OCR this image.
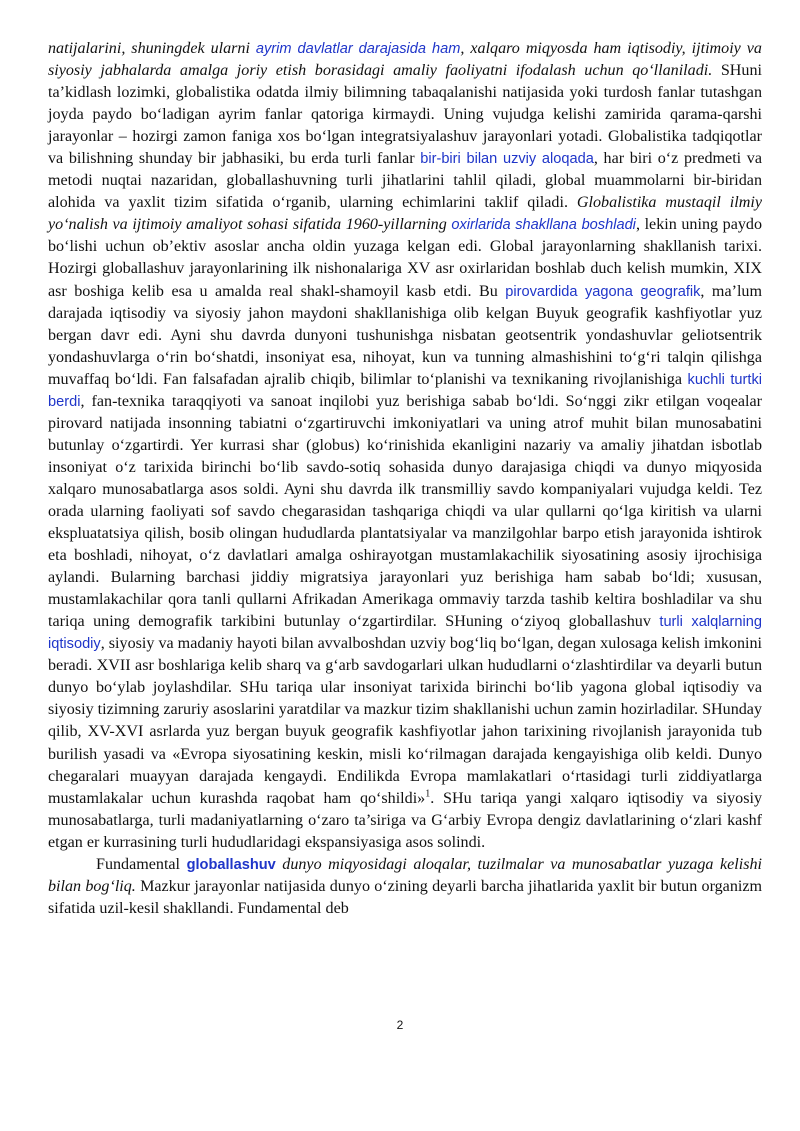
natijalarini, shuningdek ularni ayrim davlatlar darajasida ham, xalqaro miqyosda ham iqtisodiy, ijtimoiy va siyosiy jabhalarda amalga joriy etish borasidagi amaliy faoliyatni ifodalash uchun qo‘llaniladi. SHuni ta’kidlash lozimki, globalistika odatda ilmiy bilimning tabaqalanishi natijasida yoki turdosh fanlar tutashgan joyda paydo bo‘ladigan ayrim fanlar qatoriga kirmaydi. Uning vujudga kelishi zamirida qarama-qarshi jarayonlar – hozirgi zamon faniga xos bo‘lgan integratsiyalashuv jarayonlari yotadi. Globalistika tadqiqotlar va bilishning shunday bir jabhasiki, bu erda turli fanlar bir-biri bilan uzviy aloqada, har biri o‘z predmeti va metodi nuqtai nazaridan, globallashuvning turli jihatlarini tahlil qiladi, global muammolarni bir-biridan alohida va yaxlit tizim sifatida o‘rganib, ularning echimlarini taklif qiladi. Globalistika mustaqil ilmiy yo‘nalish va ijtimoiy amaliyot sohasi sifatida 1960-yillarning oxirlarida shakllana boshladi, lekin uning paydo bo‘lishi uchun ob’ektiv asoslar ancha oldin yuzaga kelgan edi. Global jarayonlarning shakllanish tarixi. Hozirgi globallashuv jarayonlarining ilk nishonalariga XV asr oxirlaridan boshlab duch kelish mumkin, XIX asr boshiga kelib esa u amalda real shakl-shamoyil kasb etdi. Bu pirovardida yagona geografik, ma’lum darajada iqtisodiy va siyosiy jahon maydoni shakllanishiga olib kelgan Buyuk geografik kashfiyotlar yuz bergan davr edi. Ayni shu davrda dunyoni tushunishga nisbatan geotsentrik yondashuvlar geliotsentrik yondashuvlarga o‘rin bo‘shatdi, insoniyat esa, nihoyat, kun va tunning almashishini to‘g‘ri talqin qilishga muvaffaq bo‘ldi. Fan falsafadan ajralib chiqib, bilimlar to‘planishi va texnikaning rivojlanishiga kuchli turtki berdi, fan-texnika taraqqiyoti va sanoat inqilobi yuz berishiga sabab bo‘ldi. So‘nggi zikr etilgan voqealar pirovard natijada insonning tabiatni o‘zgartiruvchi imkoniyatlari va uning atrof muhit bilan munosabatini butunlay o‘zgartirdi. Yer kurrasi shar (globus) ko‘rinishida ekanligini nazariy va amaliy jihatdan isbotlab insoniyat o‘z tarixida birinchi bo‘lib savdo-sotiq sohasida dunyo darajasiga chiqdi va dunyo miqyosida xalqaro munosabatlarga asos soldi. Ayni shu davrda ilk transmilliy savdo kompaniyalari vujudga keldi. Tez orada ularning faoliyati sof savdo chegarasidan tashqariga chiqdi va ular qullarni qo‘lga kiritish va ularni ekspluatatsiya qilish, bosib olingan hududlarda plantatsiyalar va manzilgohlar barpo etish jarayonida ishtirok eta boshladi, nihoyat, o‘z davlatlari amalga oshirayotgan mustamlakachilik siyosatining asosiy ijrochisiga aylandi. Bularning barchasi jiddiy migratsiya jarayonlari yuz berishiga ham sabab bo‘ldi; xususan, mustamlakachilar qora tanli qullarni Afrikadan Amerikaga ommaviy tarzda tashib keltira boshladilar va shu tariqa uning demografik tarkibini butunlay o‘zgartirdilar. SHuning o‘ziyoq globallashuv turli xalqlarning iqtisodiy, siyosiy va madaniy hayoti bilan avvalboshdan uzviy bog‘liq bo‘lgan, degan xulosaga kelish imkonini beradi. XVII asr boshlariga kelib sharq va g‘arb savdogarlari ulkan hududlarni o‘zlashtirdilar va deyarli butun dunyo bo‘ylab joylashdilar. SHu tariqa ular insoniyat tarixida birinchi bo‘lib yagona global iqtisodiy va siyosiy tizimning zaruriy asoslarini yaratdilar va mazkur tizim shakllanishi uchun zamin hozirladilar. SHunday qilib, XV-XVI asrlarda yuz bergan buyuk geografik kashfiyotlar jahon tarixining rivojlanish jarayonida tub burilish yasadi va «Evropa siyosatining keskin, misli ko‘rilmagan darajada kengayishiga olib keldi. Dunyo chegaralari muayyan darajada kengaydi. Endilikda Evropa mamlakatlari o‘rtasidagi turli ziddiyatlarga mustamlakalar uchun kurashda raqobat ham qo‘shildi»$^1$. SHu tariqa yangi xalqaro iqtisodiy va siyosiy munosabatlarga, turli madaniyatlarning o‘zaro ta’siriga va G‘arbiy Evropa dengiz davlatlarining o‘zlari kashf etgan er kurrasining turli hududlaridagi ekspansiyasiga asos solindi.

Fundamental globallashuv dunyo miqyosidagi aloqalar, tuzilmalar va munosabatlar yuzaga kelishi bilan bog‘liq. Mazkur jarayonlar natijasida dunyo o‘zining deyarli barcha jihatlarida yaxlit bir butun organizm sifatida uzil-kesil shakllandi. Fundamental deb

2
